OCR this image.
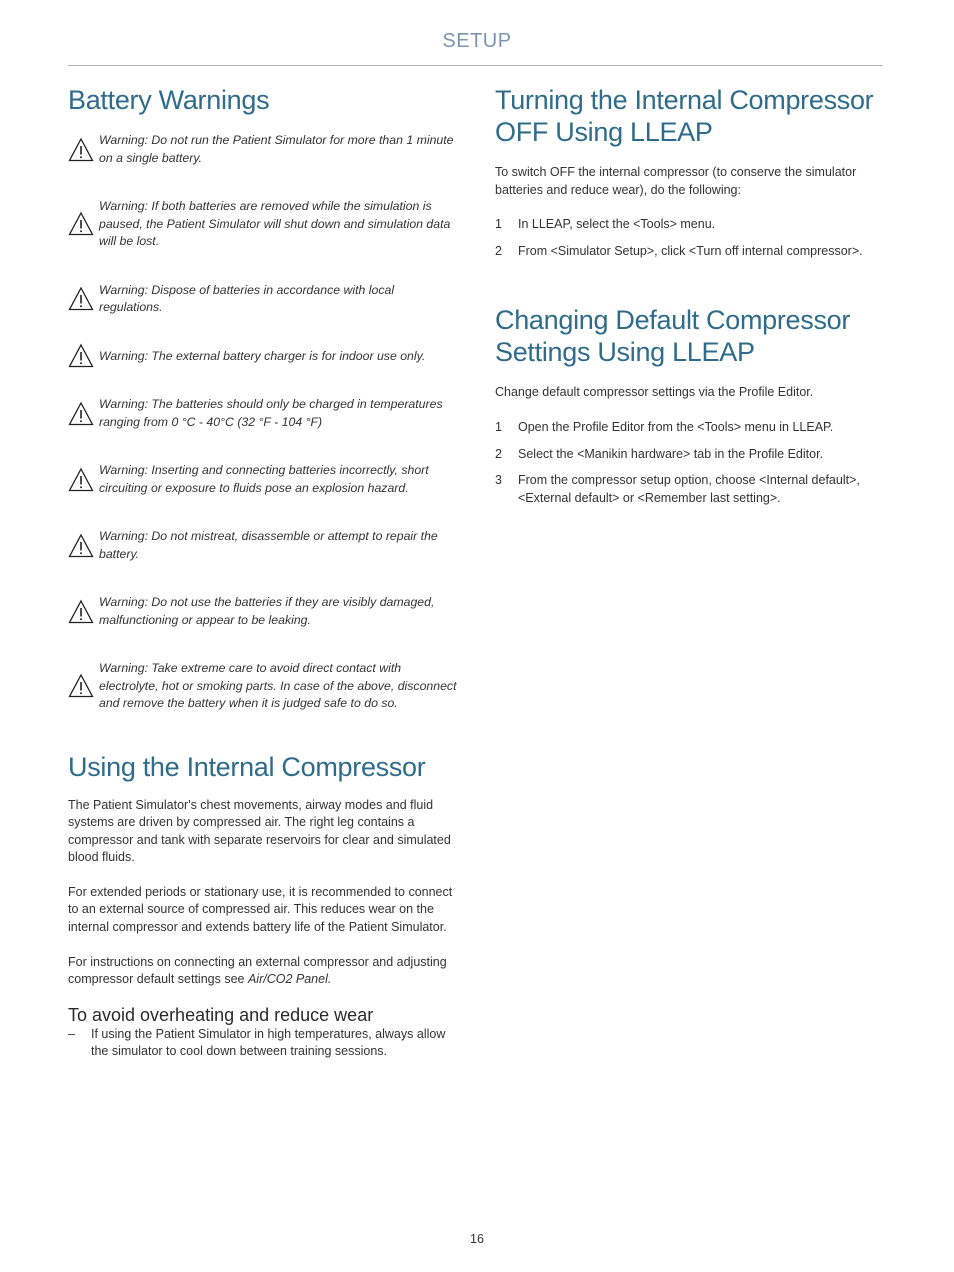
SETUP
Battery Warnings
Warning: Do not run the Patient Simulator for more than 1 minute on a single battery.
Warning: If both batteries are removed while the simulation is paused, the Patient Simulator will shut down and simulation data will be lost.
Warning: Dispose of batteries in accordance with local regulations.
Warning: The external battery charger is for indoor use only.
Warning: The batteries should only be charged in temperatures ranging from 0 °C - 40°C (32 °F - 104 °F)
Warning: Inserting and connecting batteries incorrectly, short circuiting or exposure to fluids pose an explosion hazard.
Warning: Do not mistreat, disassemble or attempt to repair the battery.
Warning: Do not use the batteries if they are visibly damaged, malfunctioning or appear to be leaking.
Warning: Take extreme care to avoid direct contact with electrolyte, hot or smoking parts. In case of the above, disconnect and remove the battery when it is judged safe to do so.
Using the Internal Compressor

The Patient Simulator's chest movements, airway modes and fluid systems are driven by compressed air. The right leg contains a compressor and tank with separate reservoirs for clear and simulated blood fluids.

For extended periods or stationary use, it is recommended to connect to an external source of compressed air. This reduces wear on the internal compressor and extends battery life of the Patient Simulator.

For instructions on connecting an external compressor and adjusting compressor default settings see Air/CO2 Panel.

To avoid overheating and reduce wear
– If using the Patient Simulator in high temperatures, always allow the simulator to cool down between training sessions.
Turning the Internal Compressor OFF Using LLEAP

To switch OFF the internal compressor (to conserve the simulator batteries and reduce wear), do the following:

1 In LLEAP, select the <Tools> menu.
2 From <Simulator Setup>, click <Turn off internal compressor>.
Changing Default Compressor Settings Using LLEAP

Change default compressor settings via the Profile Editor.

1 Open the Profile Editor from the <Tools> menu in LLEAP.
2 Select the <Manikin hardware> tab in the Profile Editor.
3 From the compressor setup option, choose <Internal default>, <External default> or <Remember last setting>.
16
